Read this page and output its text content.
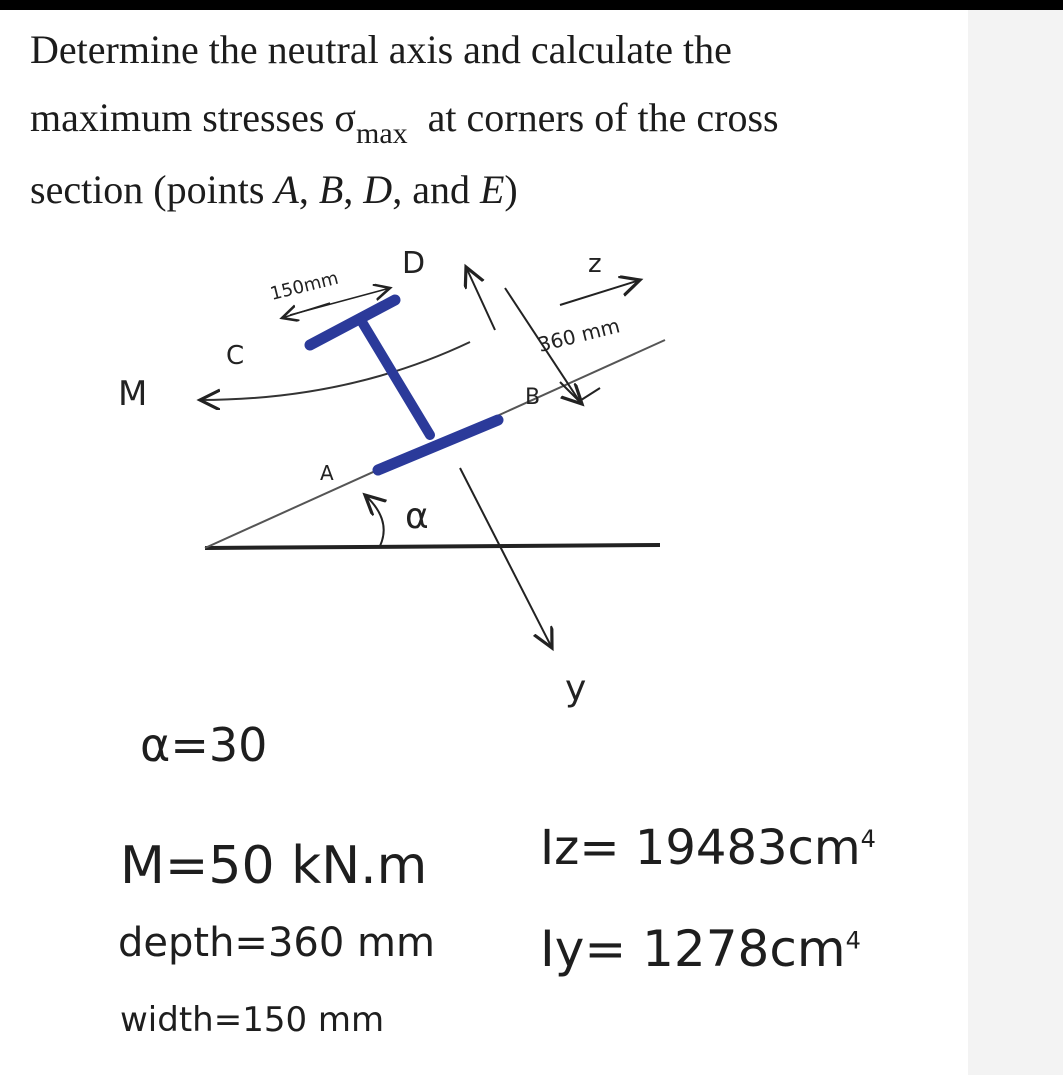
Determine the neutral axis and calculate the
maximum stresses $\sigma_{max}$ at corners of the cross
section (points A, B, D, and E)
150mm
D	z
360 mm
M
C
B
A
α
y
α=30
M=50 kN.m
depth=360 mm
width=150 mm
$Iz= 19483cm^4$
$Iy= 1278cm^4$
